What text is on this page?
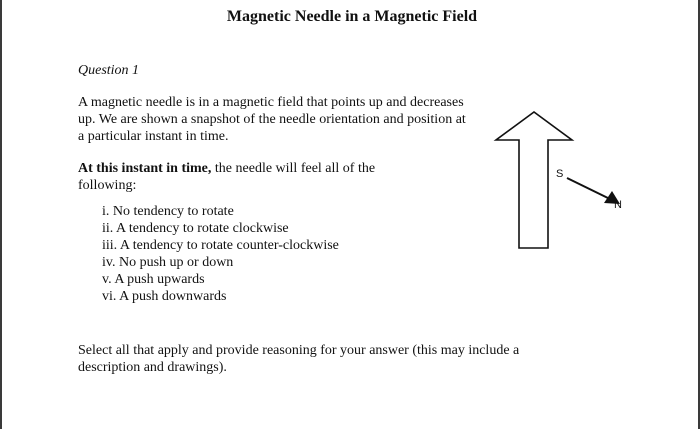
Magnetic Needle in a Magnetic Field
Question 1
A magnetic needle is in a magnetic field that points up and decreases up. We are shown a snapshot of the needle orientation and position at a particular instant in time.
At this instant in time, the needle will feel all of the following:
i. No tendency to rotate
ii. A tendency to rotate clockwise
iii. A tendency to rotate counter-clockwise
iv. No push up or down
v. A push upwards
vi. A push downwards
S
N
Select all that apply and provide reasoning for your answer (this may include a description and drawings).
